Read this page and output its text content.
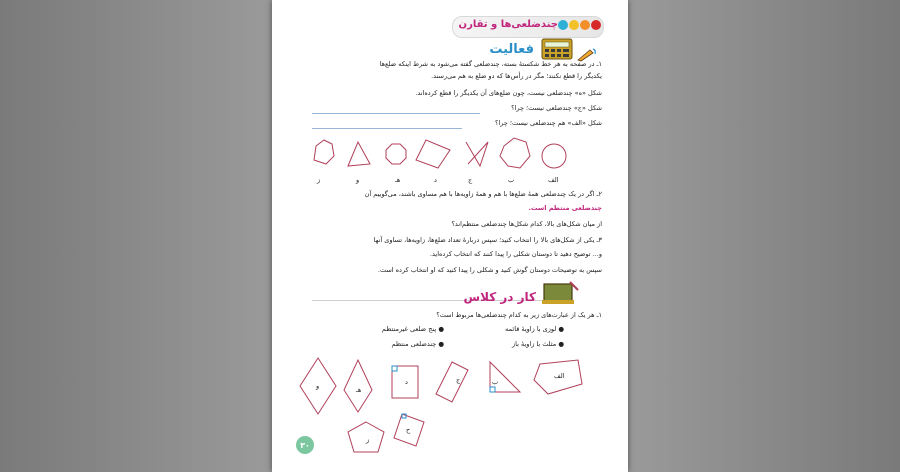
چندضلعی‌ها و تقارن
فعالیت
۱ـ در صفحه به هر خط شکستهٔ بسته، چندضلعی گفته می‌شود به شرط اینکه ضلع‌ها
یکدیگر را قطع نکنند؛ مگر در رأس‌ها که دو ضلع به هم می‌رسند.
شکل «ه» چندضلعی نیست، چون ضلع‌های آن یکدیگر را قطع کرده‌اند.
شکل «ج» چندضلعی نیست؛ چرا؟
شکل «الف» هم چندضلعی نیست؛ چرا؟
ز	و	هـ	د	ج	ب	الف
۲ـ اگر در یک چندضلعی همهٔ ضلع‌ها با هم و همهٔ زاویه‌ها با هم مساوی باشند، می‌گوییم آن
چندضلعی منتظم است.
از میان شکل‌های بالا، کدام شکل‌ها چندضلعی منتظم‌اند؟
۳ـ یکی از شکل‌های بالا را انتخاب کنید؛ سپس دربارهٔ تعداد ضلع‌ها، زاویه‌ها، تساوی آنها
و... توضیح دهید تا دوستان شکلی را پیدا کنند که انتخاب کرده‌اید.
سپس به توضیحات دوستان گوش کنید و شکلی را پیدا کنید که او انتخاب کرده است.
کار در کلاس
۱ـ هر یک از عبارت‌های زیر به کدام چندضلعی‌ها مربوط است؟
● لوزی با زاویهٔ قائمه
● پنج ضلعی غیرمنتظم
● مثلث با زاویهٔ باز
● چندضلعی منتظم
و	هـ
د	ج	ب
الف
ز
ح
۳۰
